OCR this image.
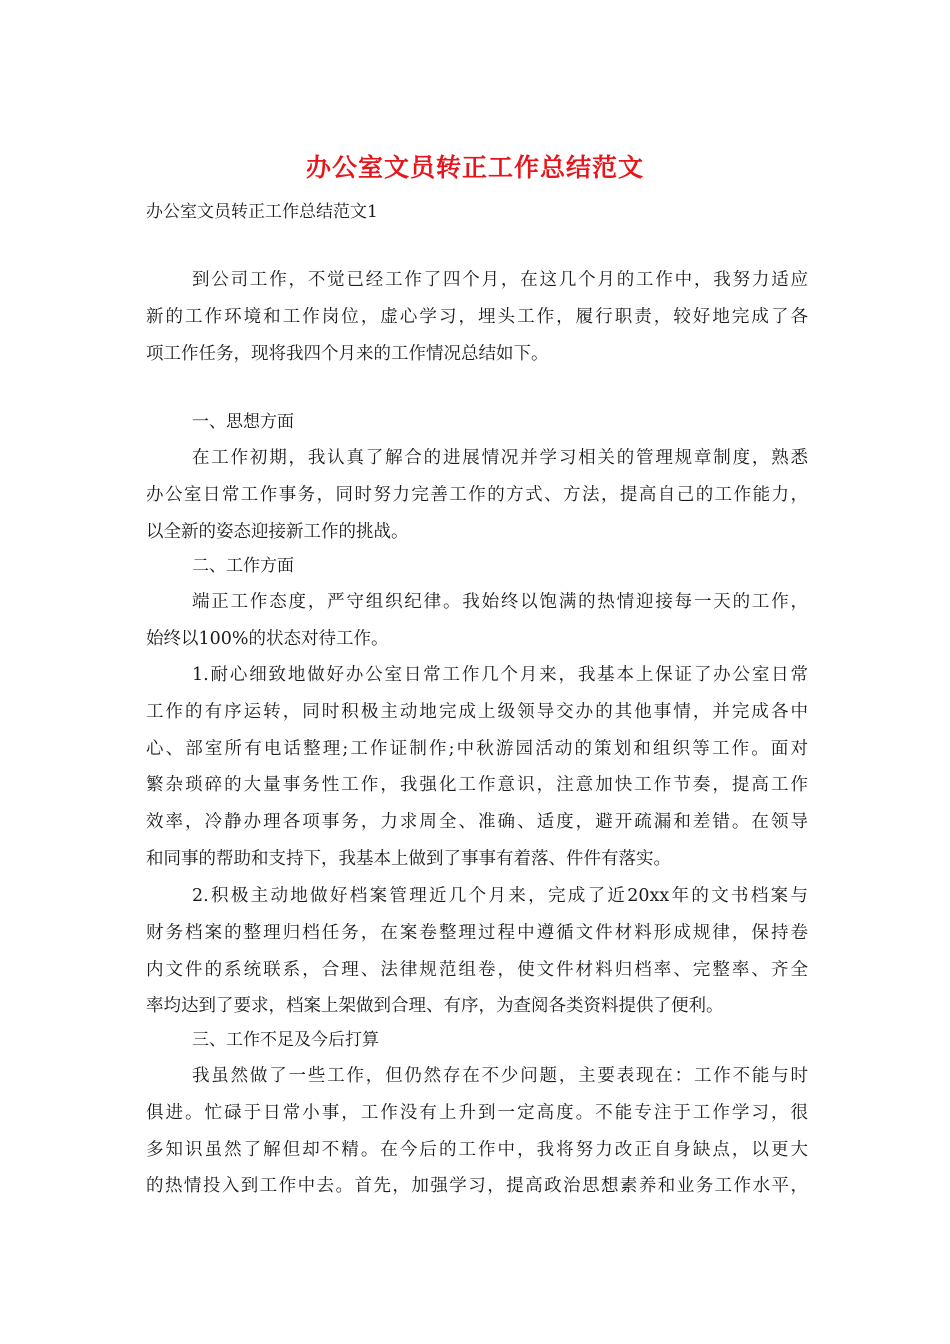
办公室文员转正工作总结范文
办公室文员转正工作总结范文1
到公司工作，不觉已经工作了四个月，在这几个月的工作中，我努力适应
新的工作环境和工作岗位，虚心学习，埋头工作，履行职责，较好地完成了各
项工作任务，现将我四个月来的工作情况总结如下。
一、思想方面
在工作初期，我认真了解合的进展情况并学习相关的管理规章制度，熟悉
办公室日常工作事务，同时努力完善工作的方式、方法，提高自己的工作能力，
以全新的姿态迎接新工作的挑战。
二、工作方面
端正工作态度，严守组织纪律。我始终以饱满的热情迎接每一天的工作，
始终以100%的状态对待工作。
1.耐心细致地做好办公室日常工作几个月来，我基本上保证了办公室日常
工作的有序运转，同时积极主动地完成上级领导交办的其他事情，并完成各中
心、部室所有电话整理;工作证制作;中秋游园活动的策划和组织等工作。面对
繁杂琐碎的大量事务性工作，我强化工作意识，注意加快工作节奏，提高工作
效率，冷静办理各项事务，力求周全、准确、适度，避开疏漏和差错。在领导
和同事的帮助和支持下，我基本上做到了事事有着落、件件有落实。
2.积极主动地做好档案管理近几个月来，完成了近20xx年的文书档案与
财务档案的整理归档任务，在案卷整理过程中遵循文件材料形成规律，保持卷
内文件的系统联系，合理、法律规范组卷，使文件材料归档率、完整率、齐全
率均达到了要求，档案上架做到合理、有序，为查阅各类资料提供了便利。
三、工作不足及今后打算
我虽然做了一些工作，但仍然存在不少问题，主要表现在：工作不能与时
俱进。忙碌于日常小事，工作没有上升到一定高度。不能专注于工作学习，很
多知识虽然了解但却不精。在今后的工作中，我将努力改正自身缺点，以更大
的热情投入到工作中去。首先，加强学习，提高政治思想素养和业务工作水平，
